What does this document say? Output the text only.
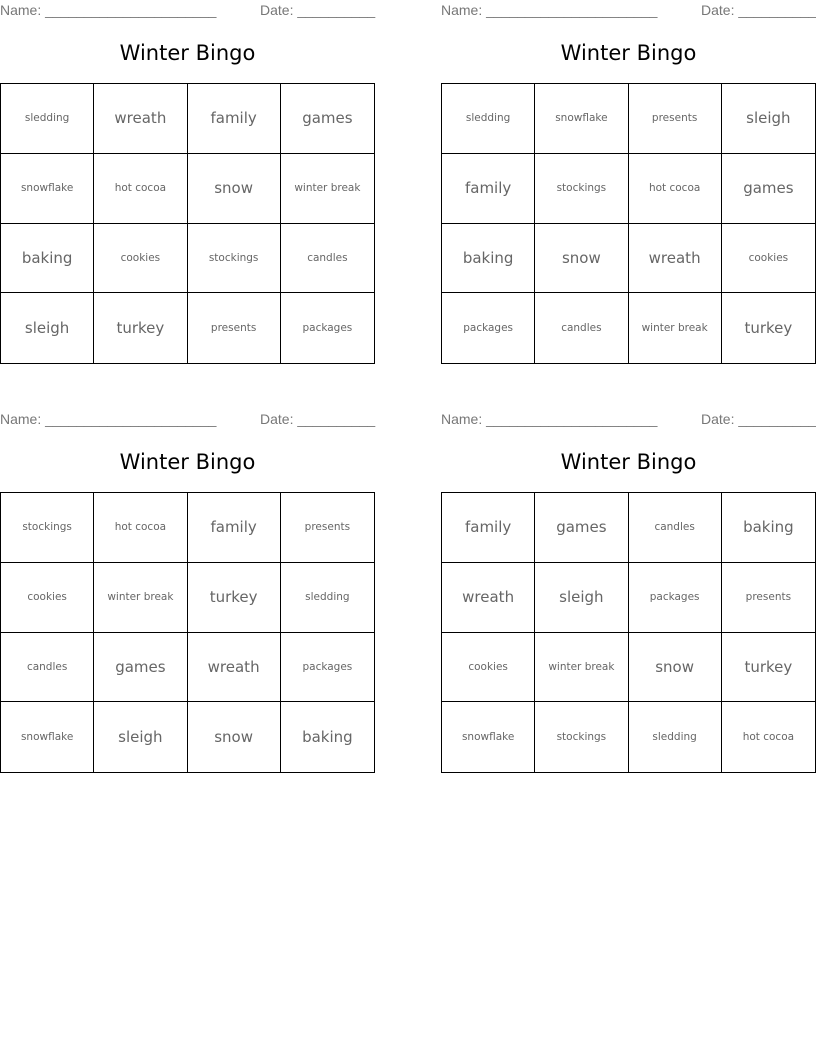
Name: ______________________	Date: __________
Winter Bingo
sledding	wreath	family	games
snowflake	hot cocoa	snow	winter break
baking	cookies	stockings	candles
sleigh	turkey	presents	packages
Name: ______________________	Date: __________
Winter Bingo
sledding	snowflake	presents	sleigh
family	stockings	hot cocoa	games
baking	snow	wreath	cookies
packages	candles	winter break	turkey
Name: ______________________	Date: __________
Winter Bingo
stockings	hot cocoa	family	presents
cookies	winter break	turkey	sledding
candles	games	wreath	packages
snowflake	sleigh	snow	baking
Name: ______________________	Date: __________
Winter Bingo
family	games	candles	baking
wreath	sleigh	packages	presents
cookies	winter break	snow	turkey
snowflake	stockings	sledding	hot cocoa
